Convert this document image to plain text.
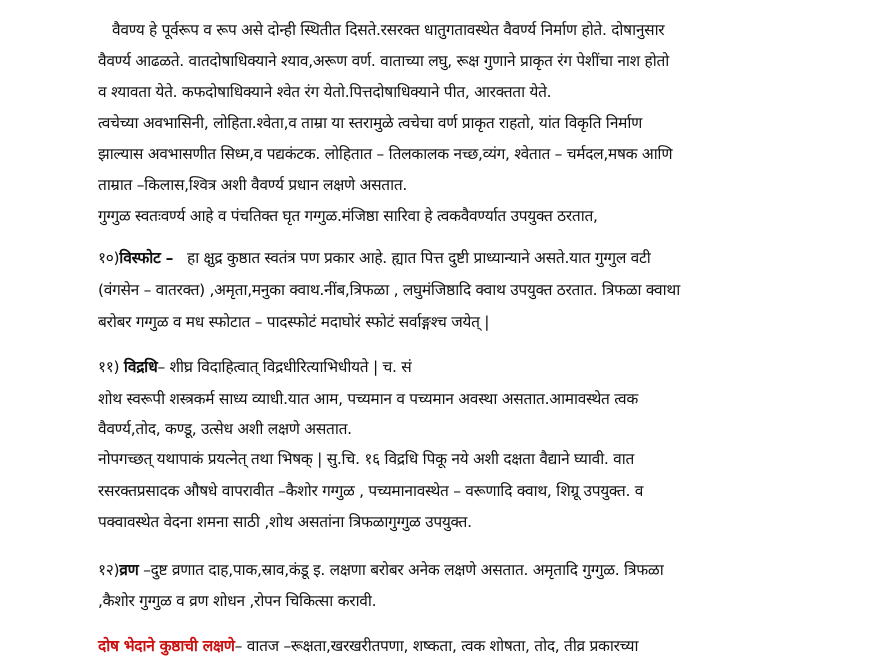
वैवण्य हे पूर्वरूप व रूप असे दोन्ही स्थितीत दिसते.रसरक्त धातुगतावस्थेत वैवर्ण्य निर्माण होते. दोषानुसार
वैवर्ण्य आढळते. वातदोषाधिक्याने श्याव,अरूण वर्ण. वाताच्या लघु, रूक्ष गुणाने प्राकृत रंग पेशींचा नाश होतो
व श्यावता येते. कफदोषाधिक्याने श्वेत रंग येतो.पित्तदोषाधिक्याने पीत, आरक्तता येते.
त्वचेच्या अवभासिनी, लोहिता.श्वेता,व ताम्रा या स्तरामुळे त्वचेचा वर्ण प्राकृत राहतो, यांत विकृति निर्माण
झाल्यास अवभासणीत सिध्म,व पद्यकंटक. लोहितात – तिलकालक नच्छ,व्यंग, श्वेतात – चर्मदल,मषक आणि
ताम्रात –किलास,श्वित्र अशी वैवर्ण्य प्रधान लक्षणे असतात.
गुग्गुळ स्वतःवर्ण्य आहे व पंचतिक्त घृत गग्गुळ.मंजिष्ठा सारिवा हे त्वकवैवर्ण्यात उपयुक्त ठरतात,
१०)विस्फोट – हा क्षुद्र कुष्ठात स्वतंत्र पण प्रकार आहे. ह्यात पित्त दुष्टी प्राध्यान्याने असते.यात गुग्गुल वटी
(वंगसेन – वातरक्त) ,अमृता,मनुका क्वाथ.नींब,त्रिफळा , लघुमंजिष्ठादि क्वाथ उपयुक्त ठरतात. त्रिफळा क्वाथा
बरोबर गग्गुळ व मध स्फोटात – पादस्फोटं मदाघोरं स्फोटं सर्वाङ्गश्च जयेत् |
११) विद्रधि– शीघ्र विदाहित्वात् विद्रधीरित्याभिधीयते | च. सं
शोथ स्वरूपी शस्त्रकर्म साध्य व्याधी.यात आम, पच्यमान व पच्यमान अवस्था असतात.आमावस्थेत त्वक
वैवर्ण्य,तोद, कण्डू, उत्सेध अशी लक्षणे असतात.
नोपगच्छत् यथापाकं प्रयत्नेत् तथा भिषक् | सु.चि. १६ विद्रधि पिकू नये अशी दक्षता वैद्याने घ्यावी. वात
रसरक्तप्रसादक औषधे वापरावीत –कैशोर गग्गुळ , पच्यमानावस्थेत – वरूणादि क्वाथ, शिग्रू उपयुक्त. व
पक्वावस्थेत वेदना शमना साठी ,शोथ असतांना त्रिफळागुग्गुळ उपयुक्त.
१२)व्रण –दुष्ट व्रणात दाह,पाक,स्राव,कंडू इ. लक्षणा बरोबर अनेक लक्षणे असतात. अमृतादि गुग्गुळ. त्रिफळा
,कैशोर गुग्गुळ व व्रण शोधन ,रोपन चिकित्सा करावी.
दोष भेदाने कुष्ठाची लक्षणे– वातज –रूक्षता,खरखरीतपणा, शष्कता, त्वक शोषता, तोद, तीव्र प्रकारच्या
